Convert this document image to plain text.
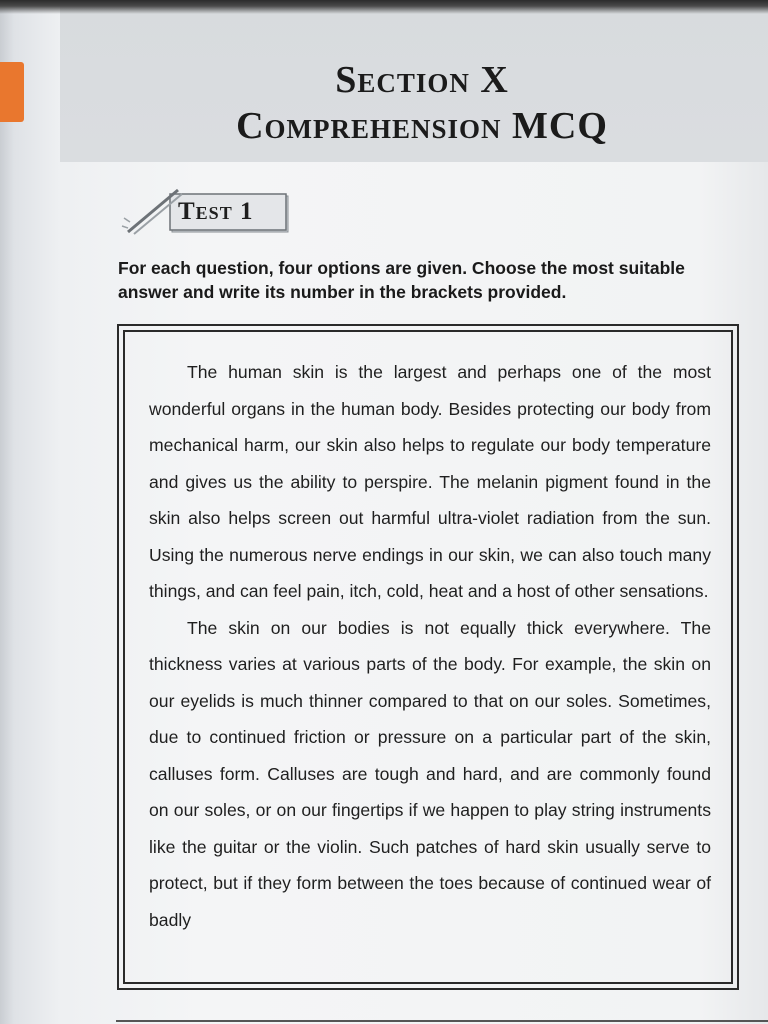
Section X
Comprehension MCQ
Test 1
For each question, four options are given. Choose the most suitable answer and write its number in the brackets provided.

The human skin is the largest and perhaps one of the most wonderful organs in the human body. Besides protecting our body from mechanical harm, our skin also helps to regulate our body temperature and gives us the ability to perspire. The melanin pigment found in the skin also helps screen out harmful ultra-violet radiation from the sun. Using the numerous nerve endings in our skin, we can also touch many things, and can feel pain, itch, cold, heat and a host of other sensations.

The skin on our bodies is not equally thick everywhere. The thickness varies at various parts of the body. For example, the skin on our eyelids is much thinner compared to that on our soles. Sometimes, due to continued friction or pressure on a particular part of the skin, calluses form. Calluses are tough and hard, and are commonly found on our soles, or on our fingertips if we happen to play string instruments like the guitar or the violin. Such patches of hard skin usually serve to protect, but if they form between the toes because of continued wear of badly
